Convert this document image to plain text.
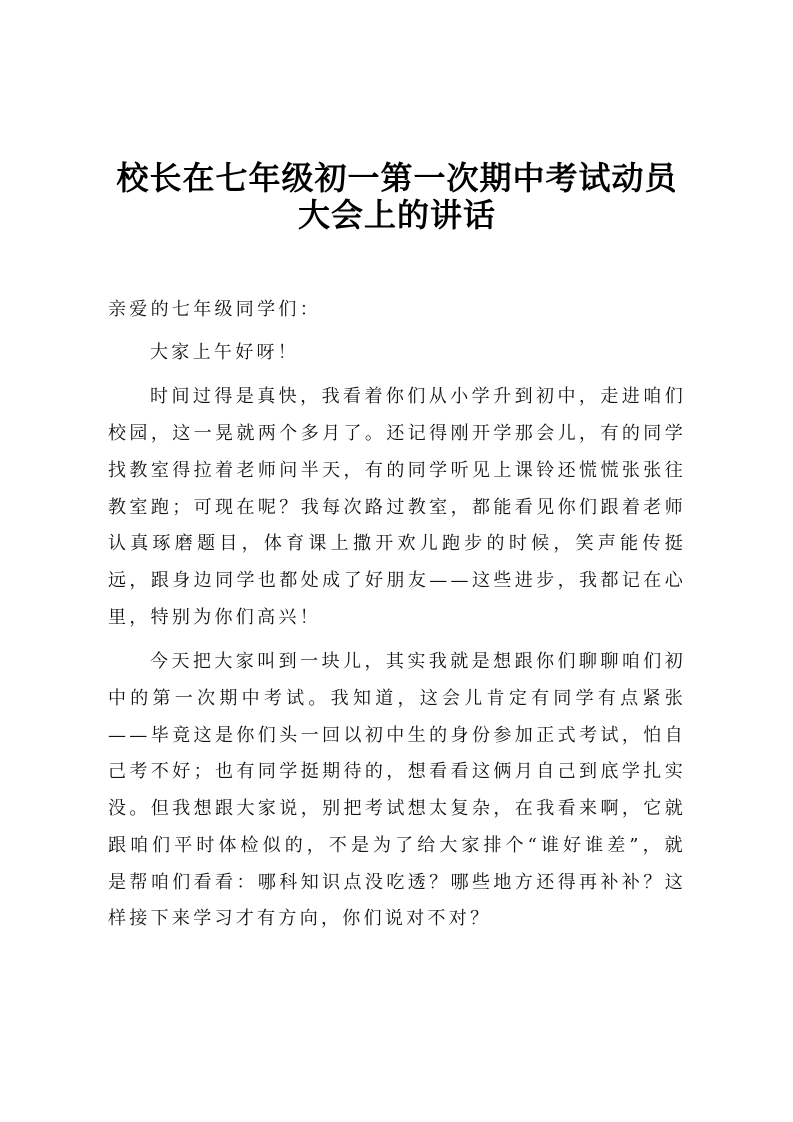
校长在七年级初一第一次期中考试动员大会上的讲话

亲爱的七年级同学们：

大家上午好呀！

时间过得是真快，我看着你们从小学升到初中，走进咱们校园，这一晃就两个多月了。还记得刚开学那会儿，有的同学找教室得拉着老师问半天，有的同学听见上课铃还慌慌张张往教室跑；可现在呢？我每次路过教室，都能看见你们跟着老师认真琢磨题目，体育课上撒开欢儿跑步的时候，笑声能传挺远，跟身边同学也都处成了好朋友——这些进步，我都记在心里，特别为你们高兴！

今天把大家叫到一块儿，其实我就是想跟你们聊聊咱们初中的第一次期中考试。我知道，这会儿肯定有同学有点紧张——毕竟这是你们头一回以初中生的身份参加正式考试，怕自己考不好；也有同学挺期待的，想看看这俩月自己到底学扎实没。但我想跟大家说，别把考试想太复杂，在我看来啊，它就跟咱们平时体检似的，不是为了给大家排个“谁好谁差”，就是帮咱们看看：哪科知识点没吃透？哪些地方还得再补补？这样接下来学习才有方向，你们说对不对？
